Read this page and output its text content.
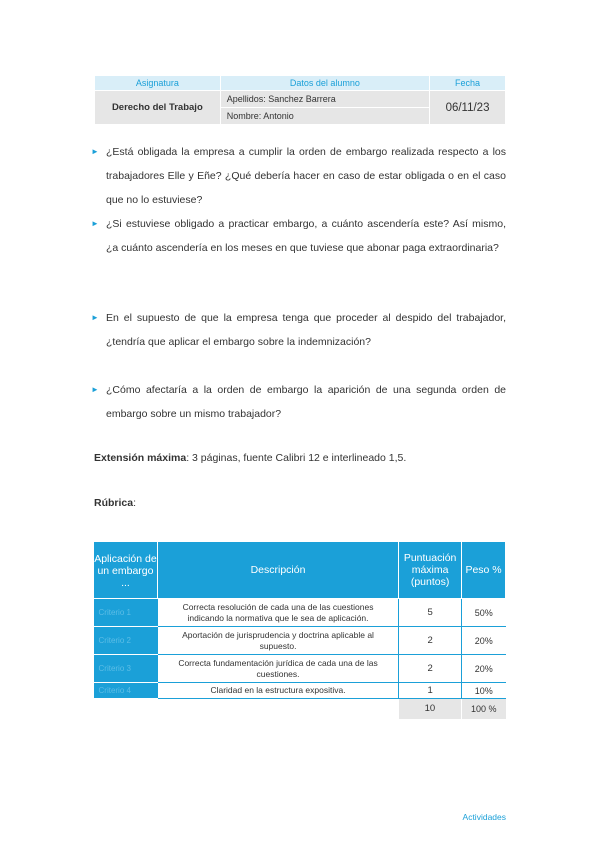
Asignatura	Datos del alumno	Fecha
Derecho del Trabajo	Apellidos: Sanchez Barrera	06/11/23
	Nombre: Antonio	
► ¿Está obligada la empresa a cumplir la orden de embargo realizada respecto a los trabajadores Elle y Eñe? ¿Qué debería hacer en caso de estar obligada o en el caso que no lo estuviese?
► ¿Si estuviese obligado a practicar embargo, a cuánto ascendería este? Así mismo, ¿a cuánto ascendería en los meses en que tuviese que abonar paga extraordinaria?
► En el supuesto de que la empresa tenga que proceder al despido del trabajador, ¿tendría que aplicar el embargo sobre la indemnización?
► ¿Cómo afectaría a la orden de embargo la aparición de una segunda orden de embargo sobre un mismo trabajador?
Extensión máxima: 3 páginas, fuente Calibri 12 e interlineado 1,5.
Rúbrica:
Aplicación de un embargo ...	Descripción	Puntuación máxima (puntos)	Peso %
Criterio 1	Correcta resolución de cada una de las cuestiones indicando la normativa que le sea de aplicación.	5	50%
Criterio 2	Aportación de jurisprudencia y doctrina aplicable al supuesto.	2	20%
Criterio 3	Correcta fundamentación jurídica de cada una de las cuestiones.	2	20%
Criterio 4	Claridad en la estructura expositiva.	1	10%
		10	100 %
Actividades
